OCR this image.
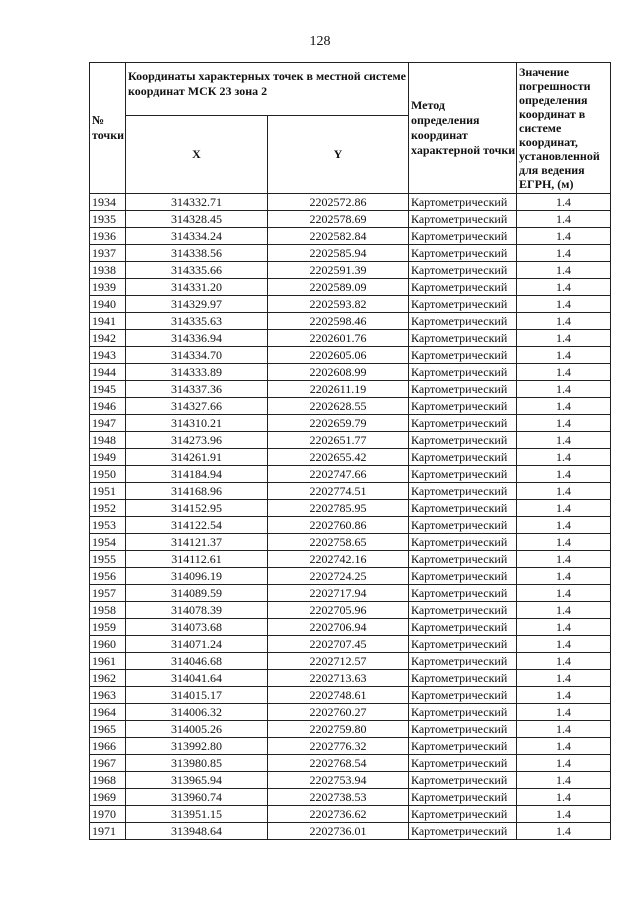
128
№ точки	Координаты характерных точек в местной системе координат МСК 23 зона 2		Метод определения координат характерной точки	Значение погрешности определения координат в системе координат, установленной для ведения ЕГРН, (м)
	X	Y		
1934	314332.71	2202572.86	Картометрический	1.4
1935	314328.45	2202578.69	Картометрический	1.4
1936	314334.24	2202582.84	Картометрический	1.4
1937	314338.56	2202585.94	Картометрический	1.4
1938	314335.66	2202591.39	Картометрический	1.4
1939	314331.20	2202589.09	Картометрический	1.4
1940	314329.97	2202593.82	Картометрический	1.4
1941	314335.63	2202598.46	Картометрический	1.4
1942	314336.94	2202601.76	Картометрический	1.4
1943	314334.70	2202605.06	Картометрический	1.4
1944	314333.89	2202608.99	Картометрический	1.4
1945	314337.36	2202611.19	Картометрический	1.4
1946	314327.66	2202628.55	Картометрический	1.4
1947	314310.21	2202659.79	Картометрический	1.4
1948	314273.96	2202651.77	Картометрический	1.4
1949	314261.91	2202655.42	Картометрический	1.4
1950	314184.94	2202747.66	Картометрический	1.4
1951	314168.96	2202774.51	Картометрический	1.4
1952	314152.95	2202785.95	Картометрический	1.4
1953	314122.54	2202760.86	Картометрический	1.4
1954	314121.37	2202758.65	Картометрический	1.4
1955	314112.61	2202742.16	Картометрический	1.4
1956	314096.19	2202724.25	Картометрический	1.4
1957	314089.59	2202717.94	Картометрический	1.4
1958	314078.39	2202705.96	Картометрический	1.4
1959	314073.68	2202706.94	Картометрический	1.4
1960	314071.24	2202707.45	Картометрический	1.4
1961	314046.68	2202712.57	Картометрический	1.4
1962	314041.64	2202713.63	Картометрический	1.4
1963	314015.17	2202748.61	Картометрический	1.4
1964	314006.32	2202760.27	Картометрический	1.4
1965	314005.26	2202759.80	Картометрический	1.4
1966	313992.80	2202776.32	Картометрический	1.4
1967	313980.85	2202768.54	Картометрический	1.4
1968	313965.94	2202753.94	Картометрический	1.4
1969	313960.74	2202738.53	Картометрический	1.4
1970	313951.15	2202736.62	Картометрический	1.4
1971	313948.64	2202736.01	Картометрический	1.4
